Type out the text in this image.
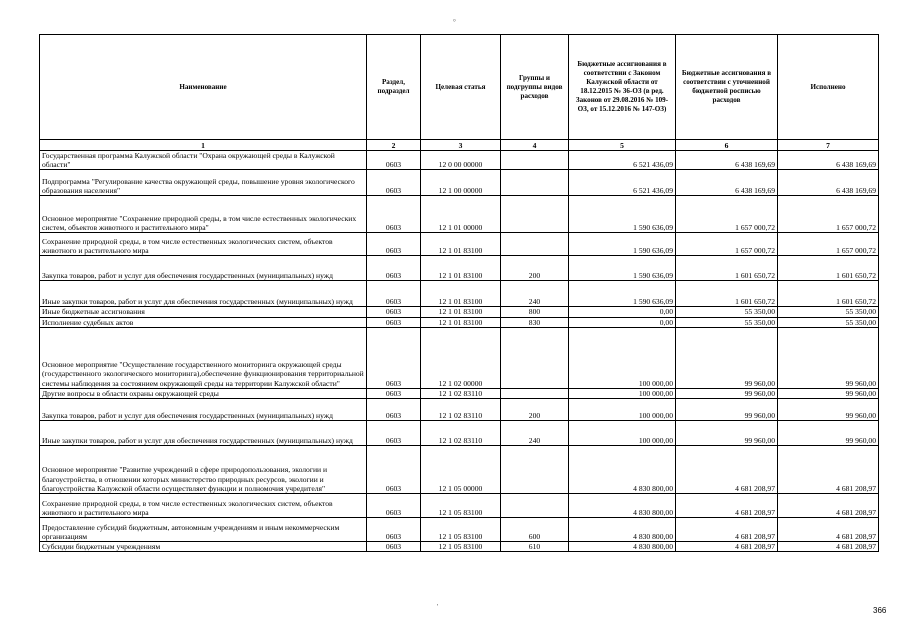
°
Наименование	Раздел, подраздел	Целевая статья	Группы и подгруппы видов расходов	Бюджетные ассигнования в соответствии с Законом Калужской области от 18.12.2015 № 36-ОЗ (в ред. Законов от 29.08.2016 № 109-ОЗ, от 15.12.2016 № 147-ОЗ)	Бюджетные ассигнования в соответствии с уточненной бюджетной росписью расходов	Исполнено
1	2	3	4	5	6	7
Государственная программа Калужской области "Охрана окружающей среды в Калужской области"	0603	12 0 00 00000		6 521 436,09	6 438 169,69	6 438 169,69
Подпрограмма "Регулирование качества окружающей среды, повышение уровня экологического образования населения"	0603	12 1 00 00000		6 521 436,09	6 438 169,69	6 438 169,69
Основное мероприятие "Сохранение природной среды, в том числе естественных экологических систем, объектов животного и растительного мира"	0603	12 1 01 00000		1 590 636,09	1 657 000,72	1 657 000,72
Сохранение природной среды, в том числе естественных экологических систем, объектов животного и растительного мира	0603	12 1 01 83100		1 590 636,09	1 657 000,72	1 657 000,72
Закупка товаров, работ и услуг для обеспечения государственных (муниципальных) нужд	0603	12 1 01 83100	200	1 590 636,09	1 601 650,72	1 601 650,72
Иные закупки товаров, работ и услуг для обеспечения государственных (муниципальных) нужд	0603	12 1 01 83100	240	1 590 636,09	1 601 650,72	1 601 650,72
Иные бюджетные ассигнования	0603	12 1 01 83100	800	0,00	55 350,00	55 350,00
Исполнение судебных актов	0603	12 1 01 83100	830	0,00	55 350,00	55 350,00
Основное мероприятие "Осуществление государственного мониторинга окружающей среды (государственного экологического мониторинга),обеспечение функционирования территориальной системы наблюдения за состоянием окружающей среды на территории Калужской области"	0603	12 1 02 00000		100 000,00	99 960,00	99 960,00
Другие вопросы в области охраны окружающей среды	0603	12 1 02 83110		100 000,00	99 960,00	99 960,00
Закупка товаров, работ и услуг для обеспечения государственных (муниципальных) нужд	0603	12 1 02 83110	200	100 000,00	99 960,00	99 960,00
Иные закупки товаров, работ и услуг для обеспечения государственных (муниципальных) нужд	0603	12 1 02 83110	240	100 000,00	99 960,00	99 960,00
Основное мероприятие "Развитие учреждений в сфере природопользования, экологии и благоустройства, в отношении которых министерство природных ресурсов, экологии и благоустройства Калужской области осуществляет функции и полномочия учредителя"	0603	12 1 05 00000		4 830 800,00	4 681 208,97	4 681 208,97
Сохранение природной среды, в том числе естественных экологических систем, объектов животного и растительного мира	0603	12 1 05 83100		4 830 800,00	4 681 208,97	4 681 208,97
Предоставление субсидий бюджетным, автономным учреждениям и иным некоммерческим организациям	0603	12 1 05 83100	600	4 830 800,00	4 681 208,97	4 681 208,97
Субсидии бюджетным учреждениям	0603	12 1 05 83100	610	4 830 800,00	4 681 208,97	4 681 208,97
'	366
